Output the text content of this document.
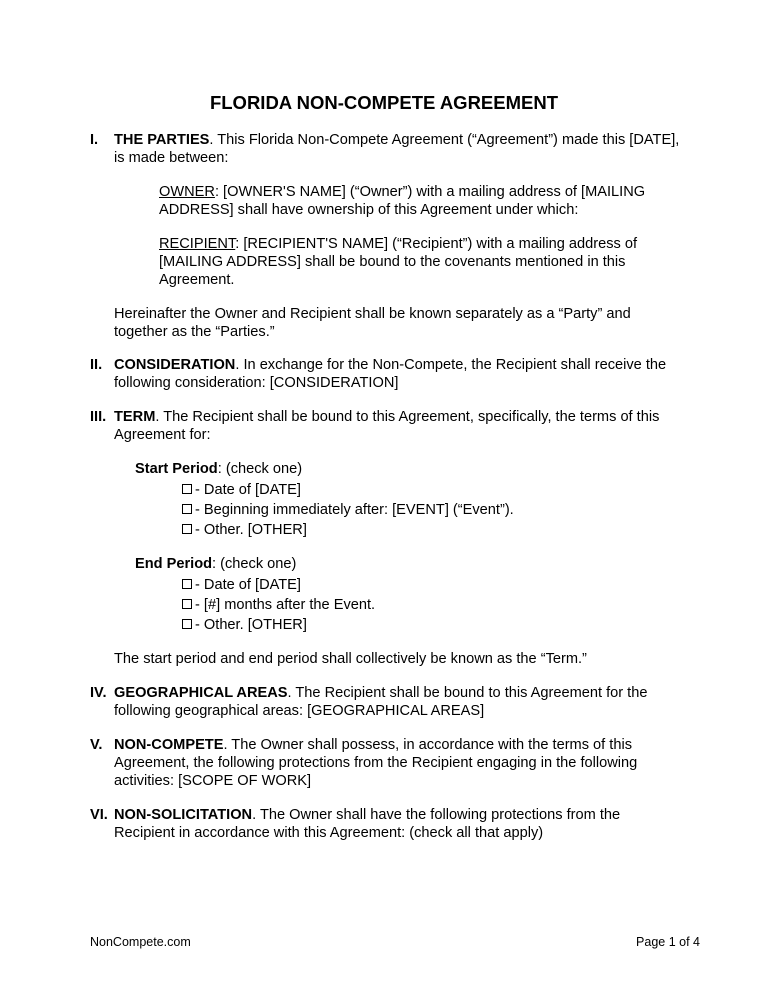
FLORIDA NON-COMPETE AGREEMENT
I. THE PARTIES. This Florida Non-Compete Agreement (“Agreement”) made this [DATE], is made between:

OWNER: [OWNER'S NAME] (“Owner”) with a mailing address of [MAILING ADDRESS] shall have ownership of this Agreement under which:

RECIPIENT: [RECIPIENT'S NAME] (“Recipient”) with a mailing address of [MAILING ADDRESS] shall be bound to the covenants mentioned in this Agreement.

Hereinafter the Owner and Recipient shall be known separately as a “Party” and together as the “Parties.”

II. CONSIDERATION. In exchange for the Non-Compete, the Recipient shall receive the following consideration: [CONSIDERATION]

III. TERM. The Recipient shall be bound to this Agreement, specifically, the terms of this Agreement for:

Start Period: (check one)

- Date of [DATE]
- Beginning immediately after: [EVENT] (“Event”).
- Other. [OTHER]

End Period: (check one)

- Date of [DATE]
- [#] months after the Event.
- Other. [OTHER]

The start period and end period shall collectively be known as the “Term.”

IV. GEOGRAPHICAL AREAS. The Recipient shall be bound to this Agreement for the following geographical areas: [GEOGRAPHICAL AREAS]

V. NON-COMPETE. The Owner shall possess, in accordance with the terms of this Agreement, the following protections from the Recipient engaging in the following activities: [SCOPE OF WORK]

VI. NON-SOLICITATION. The Owner shall have the following protections from the Recipient in accordance with this Agreement: (check all that apply)

NonCompete.com	Page 1 of 4
